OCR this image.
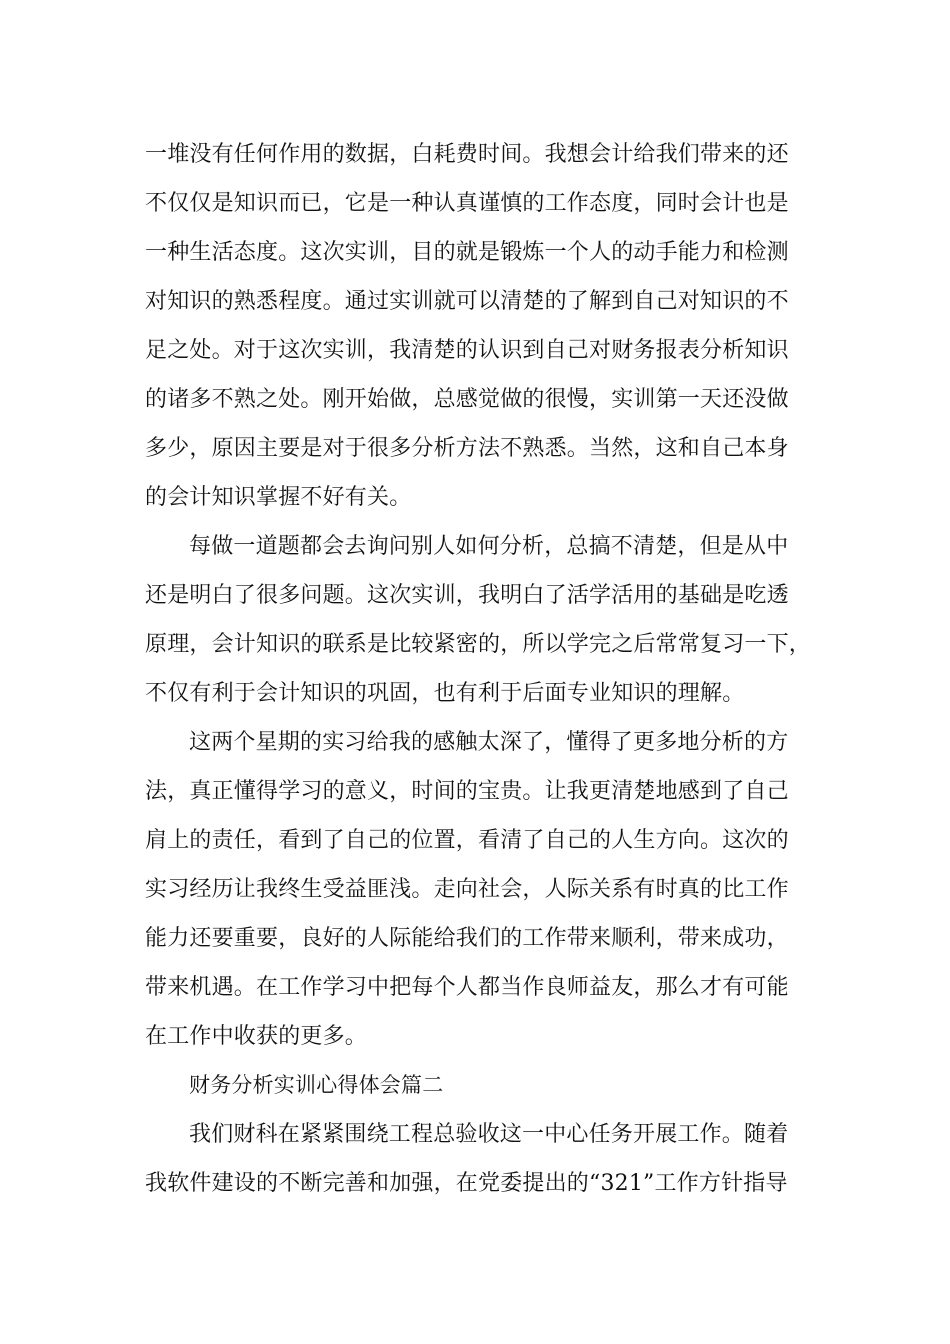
一堆没有任何作用的数据，白耗费时间。我想会计给我们带来的还
不仅仅是知识而已，它是一种认真谨慎的工作态度，同时会计也是
一种生活态度。这次实训，目的就是锻炼一个人的动手能力和检测
对知识的熟悉程度。通过实训就可以清楚的了解到自己对知识的不
足之处。对于这次实训，我清楚的认识到自己对财务报表分析知识
的诸多不熟之处。刚开始做，总感觉做的很慢，实训第一天还没做
多少，原因主要是对于很多分析方法不熟悉。当然，这和自己本身
的会计知识掌握不好有关。
每做一道题都会去询问别人如何分析，总搞不清楚，但是从中
还是明白了很多问题。这次实训，我明白了活学活用的基础是吃透
原理，会计知识的联系是比较紧密的，所以学完之后常常复习一下，
不仅有利于会计知识的巩固，也有利于后面专业知识的理解。
这两个星期的实习给我的感触太深了，懂得了更多地分析的方
法，真正懂得学习的意义，时间的宝贵。让我更清楚地感到了自己
肩上的责任，看到了自己的位置，看清了自己的人生方向。这次的
实习经历让我终生受益匪浅。走向社会，人际关系有时真的比工作
能力还要重要，良好的人际能给我们的工作带来顺利，带来成功，
带来机遇。在工作学习中把每个人都当作良师益友，那么才有可能
在工作中收获的更多。
财务分析实训心得体会篇二
我们财科在紧紧围绕工程总验收这一中心任务开展工作。随着
我软件建设的不断完善和加强，在党委提出的“321”工作方针指导
